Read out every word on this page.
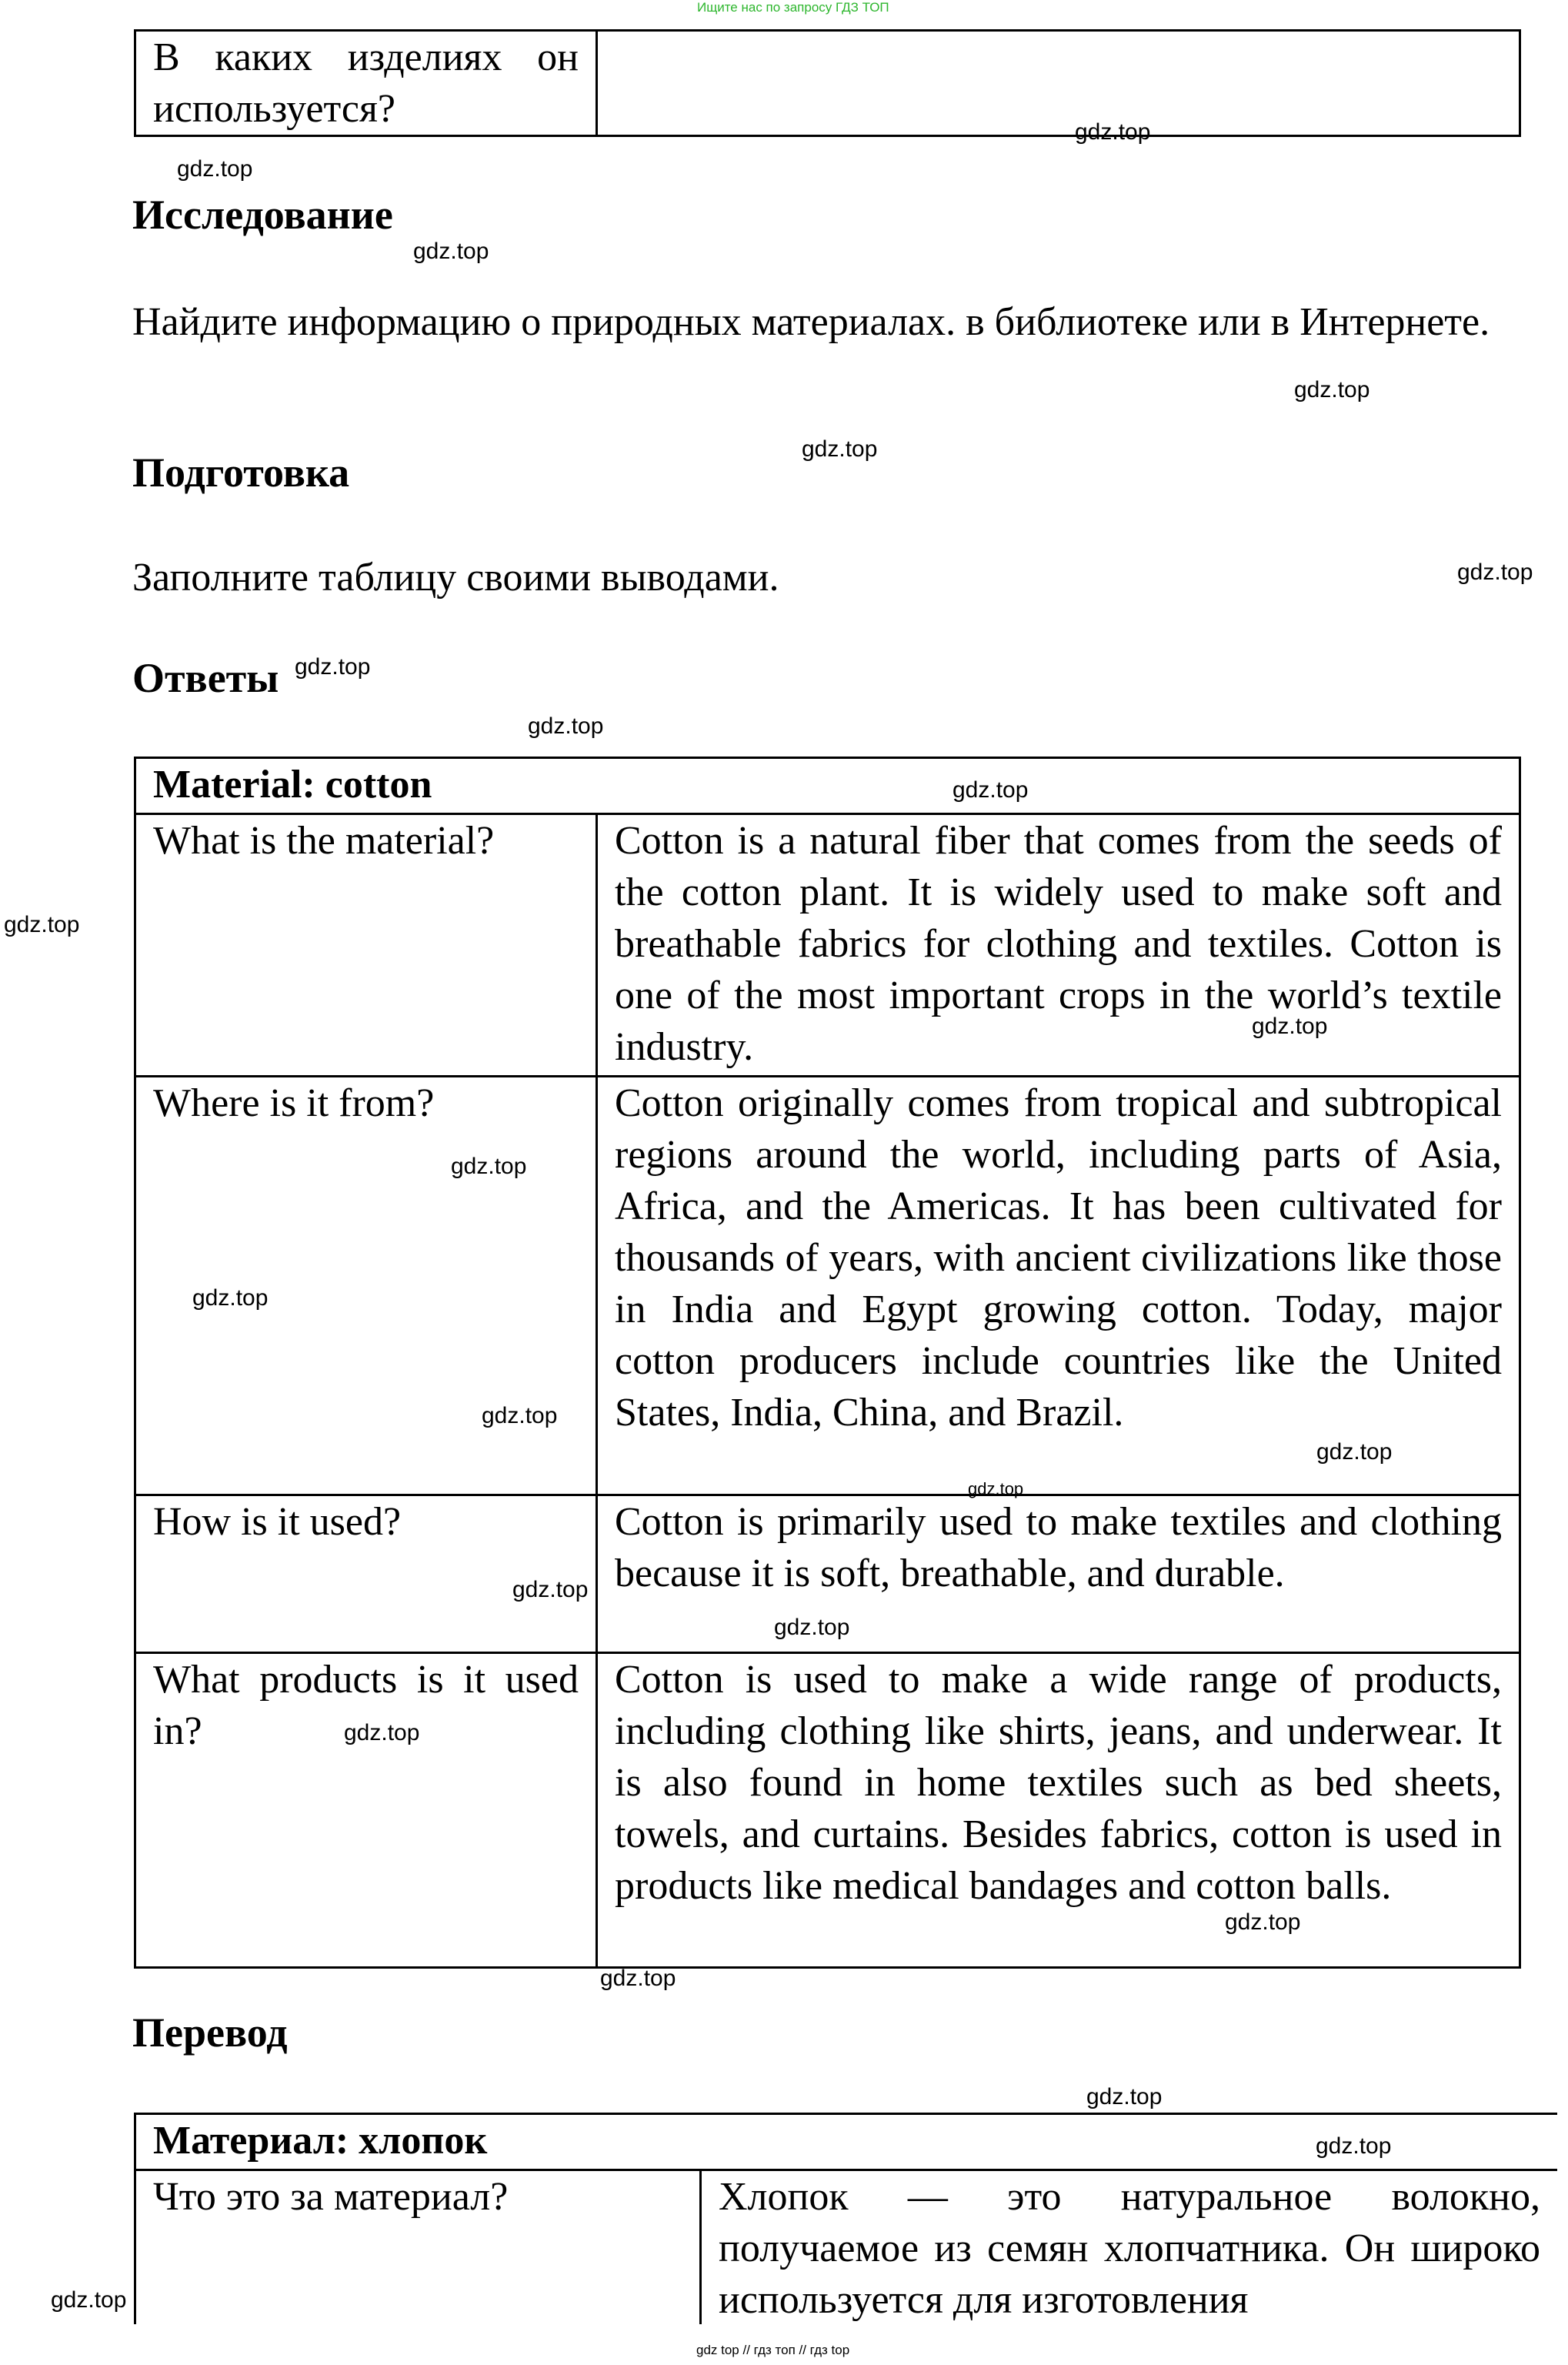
Ищите нас по запросу ГДЗ ТОП
В каких изделиях он используется?	
Исследование
Найдите информацию о природных материалах. в библиотеке или в Интернете.
Подготовка
Заполните таблицу своими выводами.
Ответы
Material: cotton	
What is the material?	Cotton is a natural fiber that comes from the seeds of the cotton plant. It is widely used to make soft and breathable fabrics for clothing and textiles. Cotton is one of the most important crops in the world’s textile industry.
Where is it from?	Cotton originally comes from tropical and subtropical regions around the world, including parts of Asia, Africa, and the Americas. It has been cultivated for thousands of years, with ancient civilizations like those in India and Egypt growing cotton. Today, major cotton producers include countries like the United States, India, China, and Brazil.
How is it used?	Cotton is primarily used to make textiles and clothing because it is soft, breathable, and durable.
What products is it used in?	Cotton is used to make a wide range of products, including clothing like shirts, jeans, and underwear. It is also found in home textiles such as bed sheets, towels, and curtains. Besides fabrics, cotton is used in products like medical bandages and cotton balls.
Перевод
Материал: хлопок
Что это за материал?	Хлопок — это натуральное волокно, получаемое из семян хлопчатника. Он широко используется для изготовления
gdz top // гдз топ // гдз top
gdz.top
gdz.top
gdz.top
gdz.top
gdz.top
gdz.top
gdz.top
gdz.top
gdz.top
gdz.top
gdz.top
gdz.top
gdz.top
gdz.top
gdz.top
gdz.top
gdz.top
gdz.top
gdz.top
gdz.top
gdz.top
gdz.top
gdz.top
gdz.top
